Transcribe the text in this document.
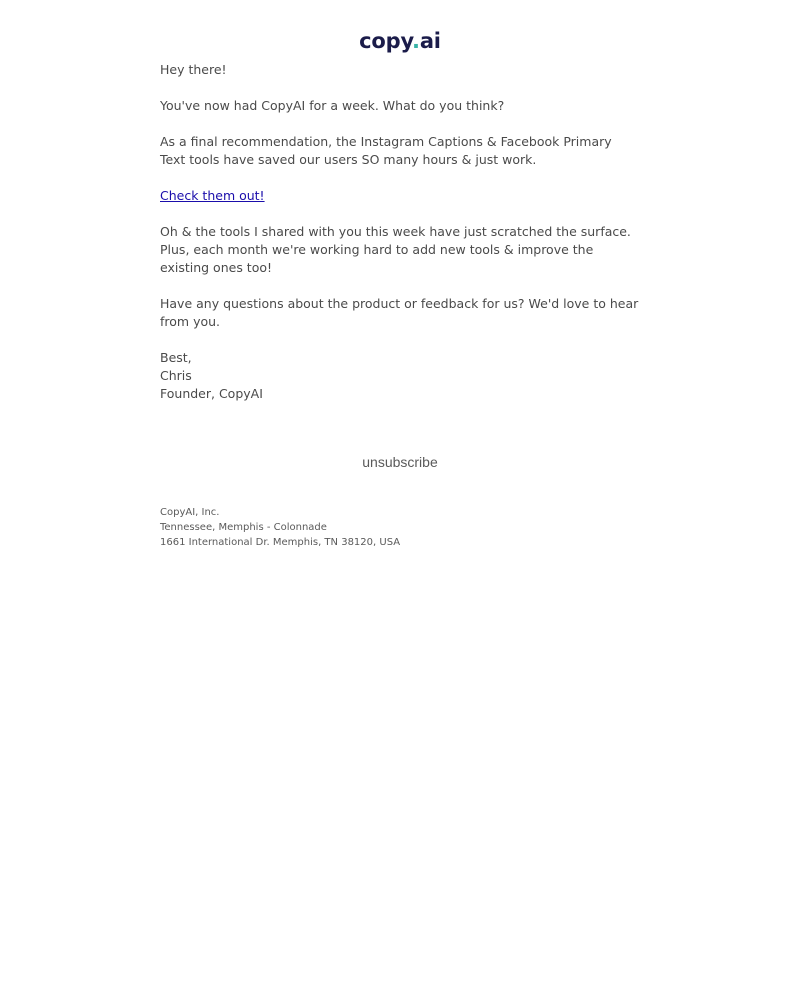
copy.ai

Hey there!

You've now had CopyAI for a week. What do you think?

As a final recommendation, the Instagram Captions & Facebook Primary Text tools have saved our users SO many hours & just work.

Check them out!

Oh & the tools I shared with you this week have just scratched the surface. Plus, each month we're working hard to add new tools & improve the existing ones too!

Have any questions about the product or feedback for us? We'd love to hear from you.

Best,

Chris

Founder, CopyAI

unsubscribe
CopyAI, Inc.
Tennessee, Memphis - Colonnade
1661 International Dr. Memphis, TN 38120, USA
